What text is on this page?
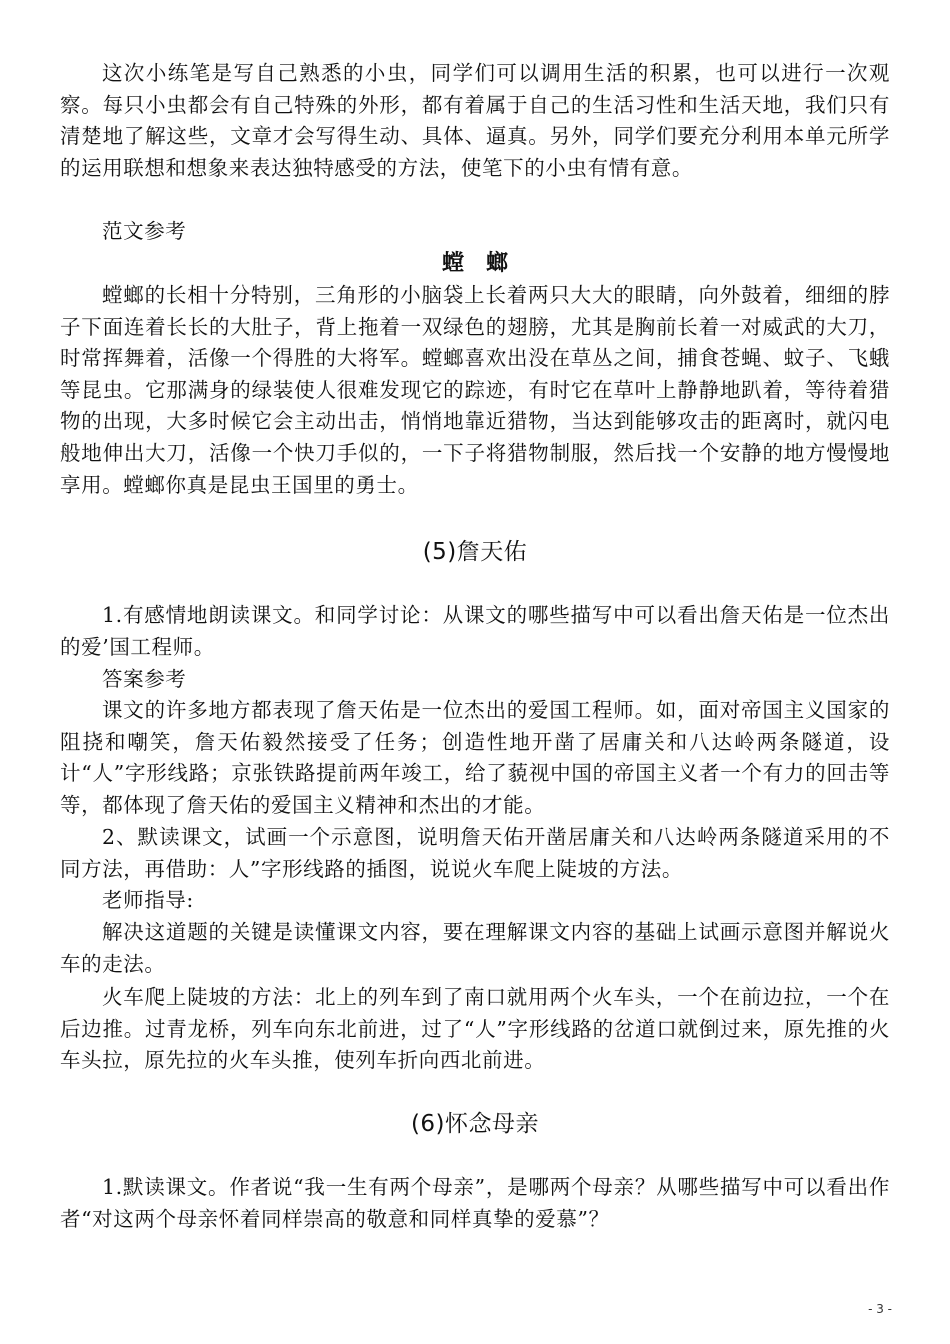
这次小练笔是写自己熟悉的小虫，同学们可以调用生活的积累，也可以进行一次观察。每只小虫都会有自己特殊的外形，都有着属于自己的生活习性和生活天地，我们只有清楚地了解这些，文章才会写得生动、具体、逼真。另外，同学们要充分利用本单元所学的运用联想和想象来表达独特感受的方法，使笔下的小虫有情有意。

范文参考

螳螂

螳螂的长相十分特别，三角形的小脑袋上长着两只大大的眼睛，向外鼓着，细细的脖子下面连着长长的大肚子，背上拖着一双绿色的翅膀，尤其是胸前长着一对威武的大刀，时常挥舞着，活像一个得胜的大将军。螳螂喜欢出没在草丛之间，捕食苍蝇、蚊子、飞蛾等昆虫。它那满身的绿装使人很难发现它的踪迹，有时它在草叶上静静地趴着，等待着猎物的出现，大多时候它会主动出击，悄悄地靠近猎物，当达到能够攻击的距离时，就闪电般地伸出大刀，活像一个快刀手似的，一下子将猎物制服，然后找一个安静的地方慢慢地享用。螳螂你真是昆虫王国里的勇士。

(5)詹天佑

1.有感情地朗读课文。和同学讨论：从课文的哪些描写中可以看出詹天佑是一位杰出的爱’国工程师。

答案参考

课文的许多地方都表现了詹天佑是一位杰出的爱国工程师。如，面对帝国主义国家的阻挠和嘲笑，詹天佑毅然接受了任务；创造性地开凿了居庸关和八达岭两条隧道，设计“人”字形线路；京张铁路提前两年竣工，给了藐视中国的帝国主义者一个有力的回击等等，都体现了詹天佑的爱国主义精神和杰出的才能。

2、默读课文，试画一个示意图，说明詹天佑开凿居庸关和八达岭两条隧道采用的不同方法，再借助：人”字形线路的插图，说说火车爬上陡坡的方法。

老师指导:

解决这道题的关键是读懂课文内容，要在理解课文内容的基础上试画示意图并解说火车的走法。

火车爬上陡坡的方法：北上的列车到了南口就用两个火车头，一个在前边拉，一个在后边推。过青龙桥，列车向东北前进，过了“人”字形线路的岔道口就倒过来，原先推的火车头拉，原先拉的火车头推，使列车折向西北前进。

(6)怀念母亲

1.默读课文。作者说“我一生有两个母亲”，是哪两个母亲？从哪些描写中可以看出作者“对这两个母亲怀着同样崇高的敬意和同样真挚的爱慕”？

- 3 -
